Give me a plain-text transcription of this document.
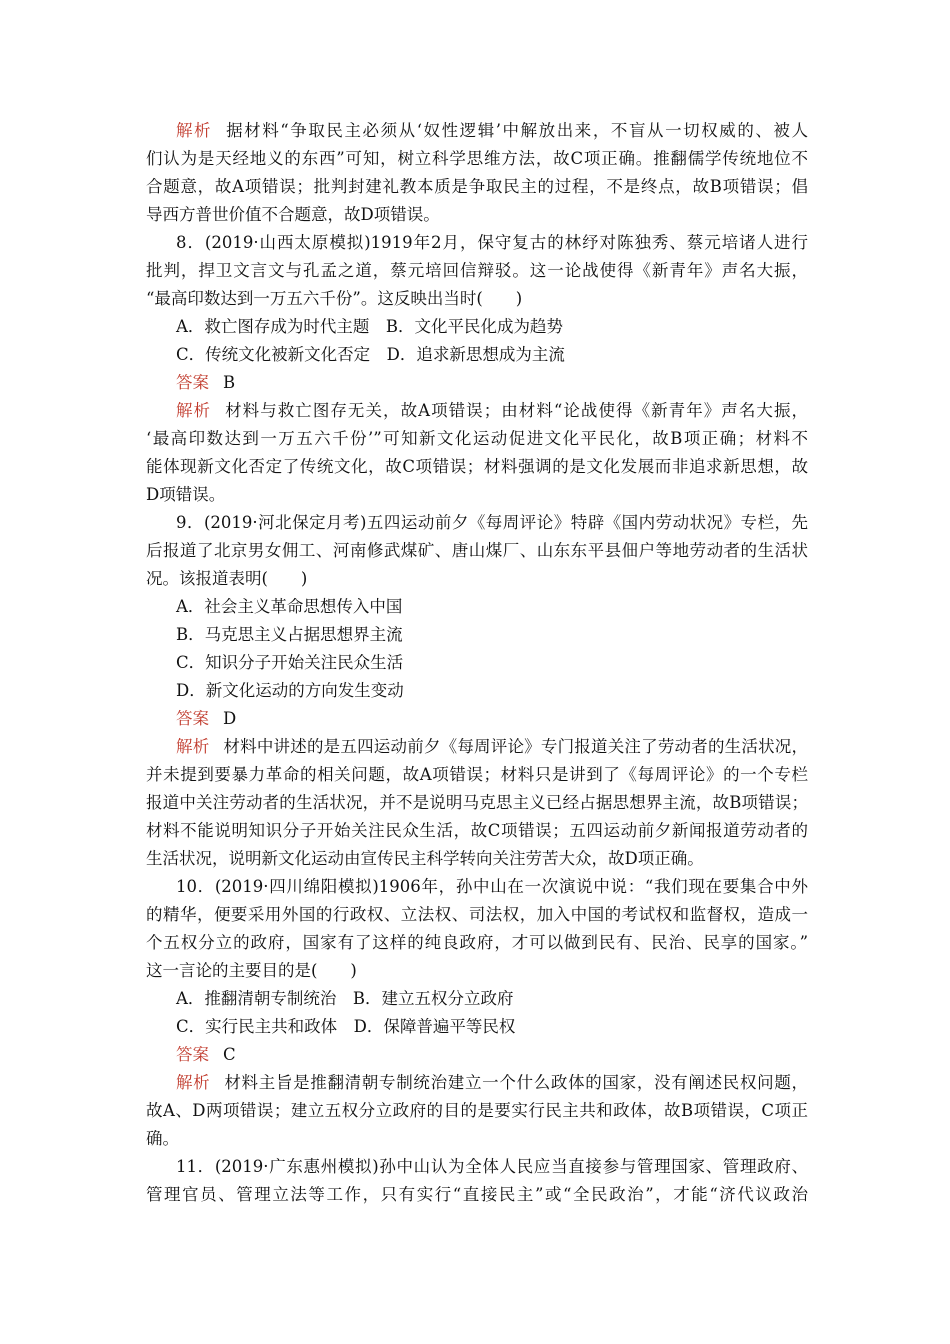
解析 据材料“争取民主必须从‘奴性逻辑’中解放出来，不盲从一切权威的、被人
们认为是天经地义的东西”可知，树立科学思维方法，故C项正确。推翻儒学传统地位不
合题意，故A项错误；批判封建礼教本质是争取民主的过程，不是终点，故B项错误；倡
导西方普世价值不合题意，故D项错误。
8．(2019·山西太原模拟)1919年2月，保守复古的林纾对陈独秀、蔡元培诸人进行
批判，捍卫文言文与孔孟之道，蔡元培回信辩驳。这一论战使得《新青年》声名大振，
“最高印数达到一万五六千份”。这反映出当时(　　)
A．救亡图存成为时代主题　B．文化平民化成为趋势
C．传统文化被新文化否定　D．追求新思想成为主流
答案 B
解析 材料与救亡图存无关，故A项错误；由材料“论战使得《新青年》声名大振，
‘最高印数达到一万五六千份’”可知新文化运动促进文化平民化，故B项正确；材料不
能体现新文化否定了传统文化，故C项错误；材料强调的是文化发展而非追求新思想，故
D项错误。
9．(2019·河北保定月考)五四运动前夕《每周评论》特辟《国内劳动状况》专栏，先
后报道了北京男女佣工、河南修武煤矿、唐山煤厂、山东东平县佃户等地劳动者的生活状
况。该报道表明(　　)
A．社会主义革命思想传入中国
B．马克思主义占据思想界主流
C．知识分子开始关注民众生活
D．新文化运动的方向发生变动
答案 D
解析 材料中讲述的是五四运动前夕《每周评论》专门报道关注了劳动者的生活状况，
并未提到要暴力革命的相关问题，故A项错误；材料只是讲到了《每周评论》的一个专栏
报道中关注劳动者的生活状况，并不是说明马克思主义已经占据思想界主流，故B项错误；
材料不能说明知识分子开始关注民众生活，故C项错误；五四运动前夕新闻报道劳动者的
生活状况，说明新文化运动由宣传民主科学转向关注劳苦大众，故D项正确。
10．(2019·四川绵阳模拟)1906年，孙中山在一次演说中说：“我们现在要集合中外
的精华，便要采用外国的行政权、立法权、司法权，加入中国的考试权和监督权，造成一
个五权分立的政府，国家有了这样的纯良政府，才可以做到民有、民治、民享的国家。”
这一言论的主要目的是(　　)
A．推翻清朝专制统治　B．建立五权分立政府
C．实行民主共和政体　D．保障普遍平等民权
答案 C
解析 材料主旨是推翻清朝专制统治建立一个什么政体的国家，没有阐述民权问题，
故A、D两项错误；建立五权分立政府的目的是要实行民主共和政体，故B项错误，C项正
确。
11．(2019·广东惠州模拟)孙中山认为全体人民应当直接参与管理国家、管理政府、
管理官员、管理立法等工作，只有实行“直接民主”或“全民政治”，才能“济代议政治
